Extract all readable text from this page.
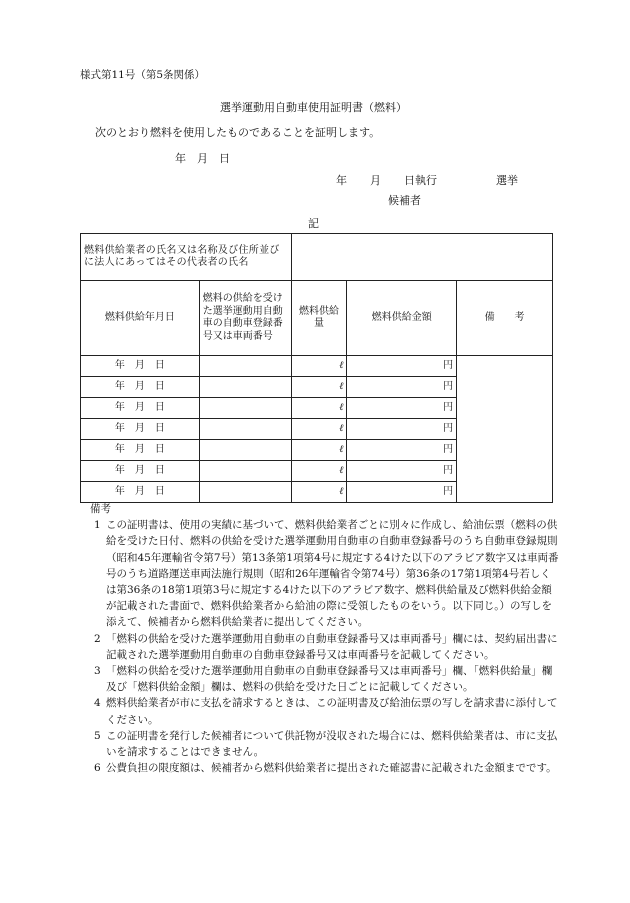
様式第11号（第5条関係）
選挙運動用自動車使用証明書（燃料）
次のとおり燃料を使用したものであることを証明します。
年　月　日
年 月 日執行	選挙
候補者
記
燃料供給業者の氏名又は名称及び住所並びに法人にあってはその代表者の氏名				
燃料供給年月日	燃料の供給を受けた選挙運動用自動車の自動車登録番号又は車両番号	燃料供給量	燃料供給金額	備　　考
年　月　日		ℓ	円	
年　月　日		ℓ	円	
年　月　日		ℓ	円	
年　月　日		ℓ	円	
年　月　日		ℓ	円	
年　月　日		ℓ	円	
年　月　日		ℓ	円	
備考
1 この証明書は、使用の実績に基づいて、燃料供給業者ごとに別々に作成し、給油伝票（燃料の供給を受けた日付、燃料の供給を受けた選挙運動用自動車の自動車登録番号のうち自動車登録規則（昭和45年運輸省令第7号）第13条第1項第4号に規定する4けた以下のアラビア数字又は車両番号のうち道路運送車両法施行規則（昭和26年運輸省令第74号）第36条の17第1項第4号若しくは第36条の18第1項第3号に規定する4けた以下のアラビア数字、燃料供給量及び燃料供給金額が記載された書面で、燃料供給業者から給油の際に受領したものをいう。以下同じ。）の写しを添えて、候補者から燃料供給業者に提出してください。
2 「燃料の供給を受けた選挙運動用自動車の自動車登録番号又は車両番号」欄には、契約届出書に記載された選挙運動用自動車の自動車登録番号又は車両番号を記載してください。
3 「燃料の供給を受けた選挙運動用自動車の自動車登録番号又は車両番号」欄、「燃料供給量」欄及び「燃料供給金額」欄は、燃料の供給を受けた日ごとに記載してください。
4 燃料供給業者が市に支払を請求するときは、この証明書及び給油伝票の写しを請求書に添付してください。
5 この証明書を発行した候補者について供託物が没収された場合には、燃料供給業者は、市に支払いを請求することはできません。
6 公費負担の限度額は、候補者から燃料供給業者に提出された確認書に記載された金額までです。
